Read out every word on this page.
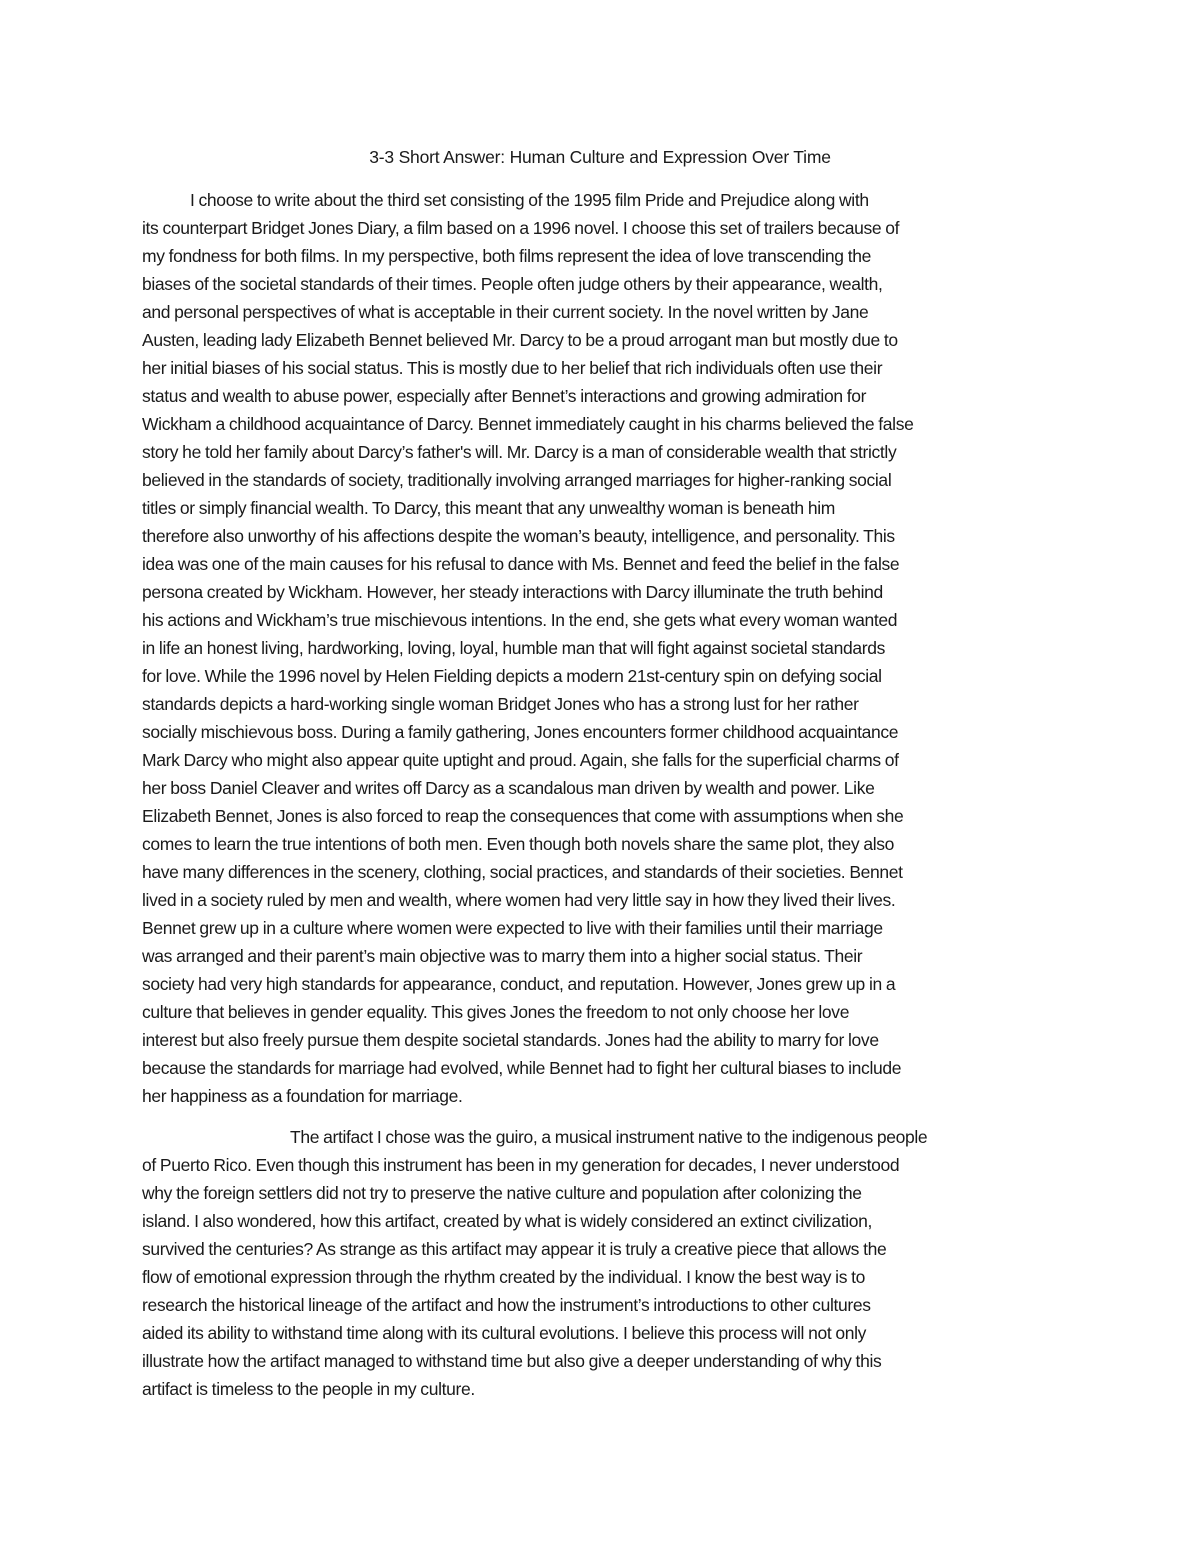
3-3 Short Answer: Human Culture and Expression Over Time
I choose to write about the third set consisting of the 1995 film Pride and Prejudice along with
its counterpart Bridget Jones Diary, a film based on a 1996 novel. I choose this set of trailers because of
my fondness for both films. In my perspective, both films represent the idea of love transcending the
biases of the societal standards of their times. People often judge others by their appearance, wealth,
and personal perspectives of what is acceptable in their current society. In the novel written by Jane
Austen, leading lady Elizabeth Bennet believed Mr. Darcy to be a proud arrogant man but mostly due to
her initial biases of his social status. This is mostly due to her belief that rich individuals often use their
status and wealth to abuse power, especially after Bennet’s interactions and growing admiration for
Wickham a childhood acquaintance of Darcy. Bennet immediately caught in his charms believed the false
story he told her family about Darcy’s father's will. Mr. Darcy is a man of considerable wealth that strictly
believed in the standards of society, traditionally involving arranged marriages for higher-ranking social
titles or simply financial wealth. To Darcy, this meant that any unwealthy woman is beneath him
therefore also unworthy of his affections despite the woman’s beauty, intelligence, and personality. This
idea was one of the main causes for his refusal to dance with Ms. Bennet and feed the belief in the false
persona created by Wickham. However, her steady interactions with Darcy illuminate the truth behind
his actions and Wickham’s true mischievous intentions. In the end, she gets what every woman wanted
in life an honest living, hardworking, loving, loyal, humble man that will fight against societal standards
for love. While the 1996 novel by Helen Fielding depicts a modern 21st-century spin on defying social
standards depicts a hard-working single woman Bridget Jones who has a strong lust for her rather
socially mischievous boss. During a family gathering, Jones encounters former childhood acquaintance
Mark Darcy who might also appear quite uptight and proud. Again, she falls for the superficial charms of
her boss Daniel Cleaver and writes off Darcy as a scandalous man driven by wealth and power. Like
Elizabeth Bennet, Jones is also forced to reap the consequences that come with assumptions when she
comes to learn the true intentions of both men. Even though both novels share the same plot, they also
have many differences in the scenery, clothing, social practices, and standards of their societies. Bennet
lived in a society ruled by men and wealth, where women had very little say in how they lived their lives.
Bennet grew up in a culture where women were expected to live with their families until their marriage
was arranged and their parent’s main objective was to marry them into a higher social status. Their
society had very high standards for appearance, conduct, and reputation. However, Jones grew up in a
culture that believes in gender equality. This gives Jones the freedom to not only choose her love
interest but also freely pursue them despite societal standards. Jones had the ability to marry for love
because the standards for marriage had evolved, while Bennet had to fight her cultural biases to include
her happiness as a foundation for marriage.
The artifact I chose was the guiro, a musical instrument native to the indigenous people
of Puerto Rico. Even though this instrument has been in my generation for decades, I never understood
why the foreign settlers did not try to preserve the native culture and population after colonizing the
island. I also wondered, how this artifact, created by what is widely considered an extinct civilization,
survived the centuries? As strange as this artifact may appear it is truly a creative piece that allows the
flow of emotional expression through the rhythm created by the individual. I know the best way is to
research the historical lineage of the artifact and how the instrument’s introductions to other cultures
aided its ability to withstand time along with its cultural evolutions. I believe this process will not only
illustrate how the artifact managed to withstand time but also give a deeper understanding of why this
artifact is timeless to the people in my culture.
